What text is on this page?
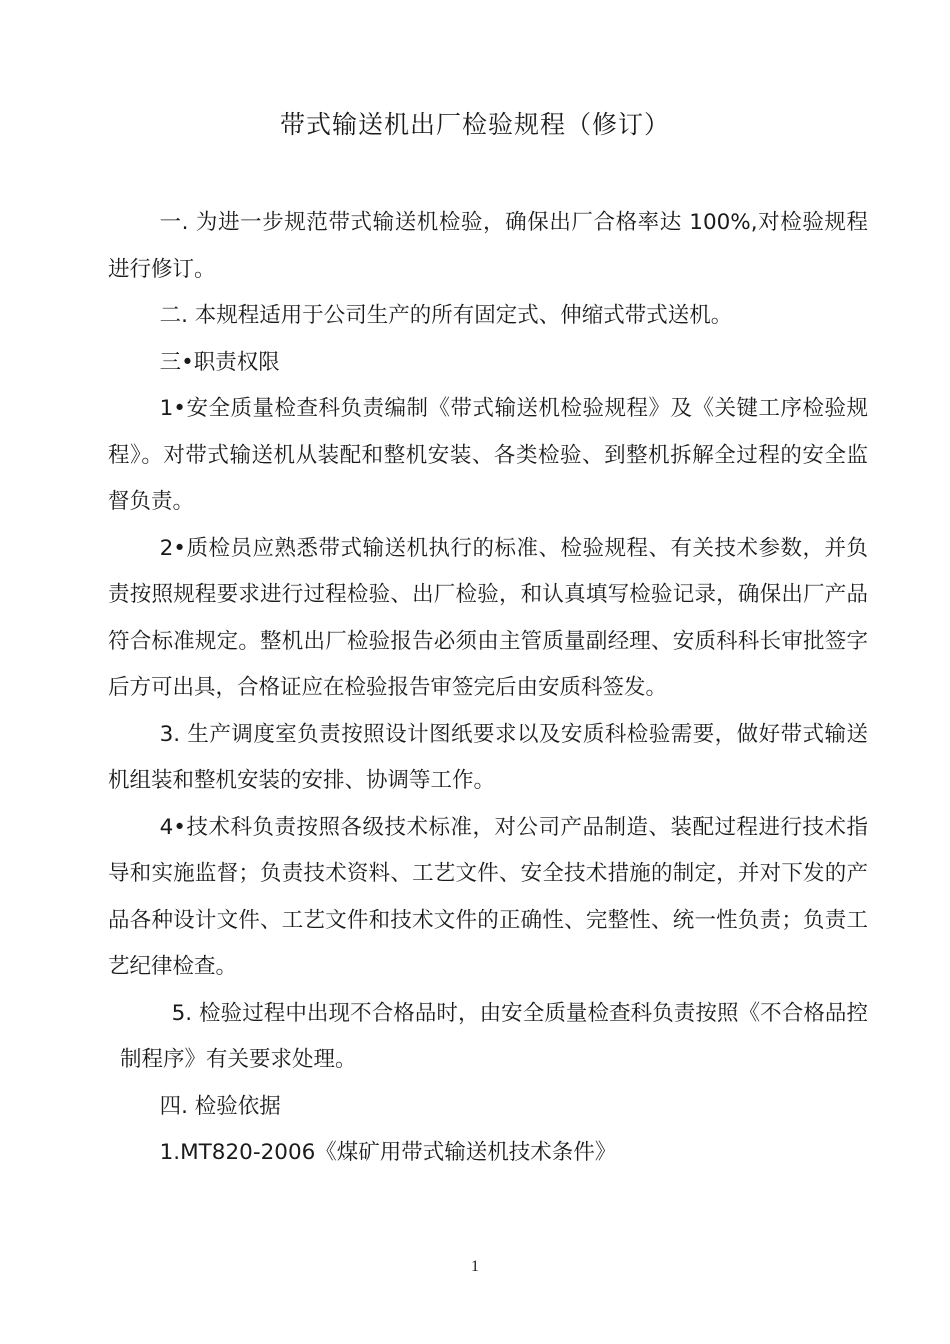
带式输送机出厂检验规程（修订）

一. 为进一步规范带式输送机检验，确保出厂合格率达 100%,对检验规程进行修订。

二. 本规程适用于公司生产的所有固定式、伸缩式带式送机。

三•职责权限

1•安全质量检查科负责编制《带式输送机检验规程》及《关键工序检验规程》。对带式输送机从装配和整机安装、各类检验、到整机拆解全过程的安全监督负责。

2•质检员应熟悉带式输送机执行的标准、检验规程、有关技术参数，并负责按照规程要求进行过程检验、出厂检验，和认真填写检验记录，确保出厂产品符合标准规定。整机出厂检验报告必须由主管质量副经理、安质科科长审批签字后方可出具，合格证应在检验报告审签完后由安质科签发。

3. 生产调度室负责按照设计图纸要求以及安质科检验需要，做好带式输送机组装和整机安装的安排、协调等工作。

4•技术科负责按照各级技术标准，对公司产品制造、装配过程进行技术指导和实施监督；负责技术资料、工艺文件、安全技术措施的制定，并对下发的产品各种设计文件、工艺文件和技术文件的正确性、完整性、统一性负责；负责工艺纪律检查。

5. 检验过程中出现不合格品时，由安全质量检查科负责按照《不合格品控制程序》有关要求处理。

四. 检验依据

1.MT820-2006《煤矿用带式输送机技术条件》

1
